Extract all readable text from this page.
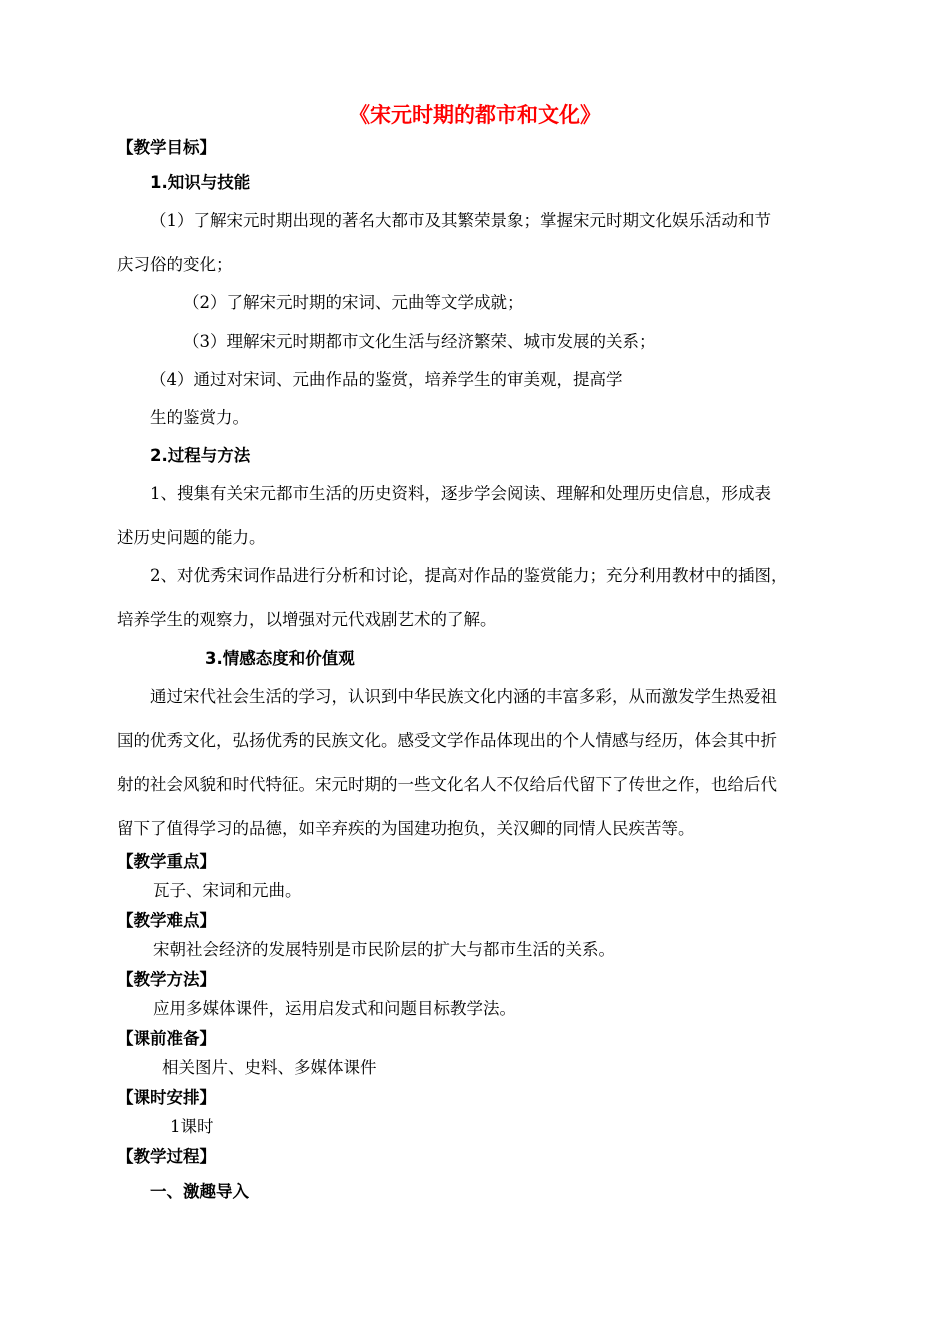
《宋元时期的都市和文化》
【教学目标】
1.知识与技能
（1）了解宋元时期出现的著名大都市及其繁荣景象；掌握宋元时期文化娱乐活动和节
庆习俗的变化；
（2）了解宋元时期的宋词、元曲等文学成就；
（3）理解宋元时期都市文化生活与经济繁荣、城市发展的关系；
（4）通过对宋词、元曲作品的鉴赏，培养学生的审美观，提高学
生的鉴赏力。
2.过程与方法
1、搜集有关宋元都市生活的历史资料，逐步学会阅读、理解和处理历史信息，形成表
述历史问题的能力。
2、对优秀宋词作品进行分析和讨论，提高对作品的鉴赏能力；充分利用教材中的插图，
培养学生的观察力，以增强对元代戏剧艺术的了解。
3.情感态度和价值观
通过宋代社会生活的学习，认识到中华民族文化内涵的丰富多彩，从而激发学生热爱祖
国的优秀文化，弘扬优秀的民族文化。感受文学作品体现出的个人情感与经历，体会其中折
射的社会风貌和时代特征。宋元时期的一些文化名人不仅给后代留下了传世之作，也给后代
留下了值得学习的品德，如辛弃疾的为国建功抱负，关汉卿的同情人民疾苦等。
【教学重点】
瓦子、宋词和元曲。
【教学难点】
宋朝社会经济的发展特别是市民阶层的扩大与都市生活的关系。
【教学方法】
应用多媒体课件，运用启发式和问题目标教学法。
【课前准备】
相关图片、史料、多媒体课件
【课时安排】
1课时
【教学过程】
一、激趣导入
